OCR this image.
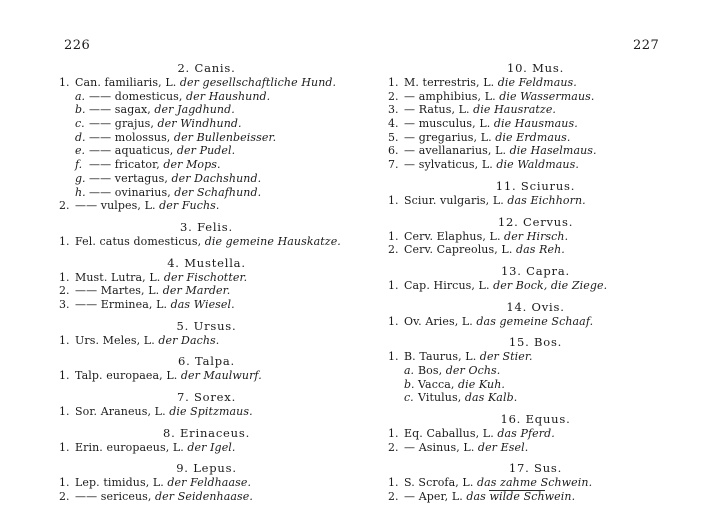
226
2. Canis.
1. Can. familiaris, L. der gesellschaftliche Hund.
a. —— domesticus, der Haushund.
b. —— sagax, der Jagdhund.
c. —— grajus, der Windhund.
d. —— molossus, der Bullenbeisser.
e. —— aquaticus, der Pudel.
f. —— fricator, der Mops.
g. —— vertagus, der Dachshund.
h. —— ovinarius, der Schafhund.
2. —— vulpes, L. der Fuchs.
3. Felis.
1. Fel. catus domesticus, die gemeine Hauskatze.
4. Mustella.
1. Must. Lutra, L. der Fischotter.
2. —— Martes, L. der Marder.
3. —— Erminea, L. das Wiesel.
5. Ursus.
1. Urs. Meles, L. der Dachs.
6. Talpa.
1. Talp. europaea, L. der Maulwurf.
7. Sorex.
1. Sor. Araneus, L. die Spitzmaus.
8. Erinaceus.
1. Erin. europaeus, L. der Igel.
9. Lepus.
1. Lep. timidus, L. der Feldhaase.
2. —— sericeus, der Seidenhaase.
227
10. Mus.
1. M. terrestris, L. die Feldmaus.
2. — amphibius, L. die Wassermaus.
3. — Ratus, L. die Hausratze.
4. — musculus, L. die Hausmaus.
5. — gregarius, L. die Erdmaus.
6. — avellanarius, L. die Haselmaus.
7. — sylvaticus, L. die Waldmaus.
11. Sciurus.
1. Sciur. vulgaris, L. das Eichhorn.
12. Cervus.
1. Cerv. Elaphus, L. der Hirsch.
2. Cerv. Capreolus, L. das Reh.
13. Capra.
1. Cap. Hircus, L. der Bock, die Ziege.
14. Ovis.
1. Ov. Aries, L. das gemeine Schaaf.
15. Bos.
1. B. Taurus, L. der Stier.
a. Bos, der Ochs.
b. Vacca, die Kuh.
c. Vitulus, das Kalb.
16. Equus.
1. Eq. Caballus, L. das Pferd.
2. — Asinus, L. der Esel.
17. Sus.
1. S. Scrofa, L. das zahme Schwein.
2. — Aper, L. das wilde Schwein.
